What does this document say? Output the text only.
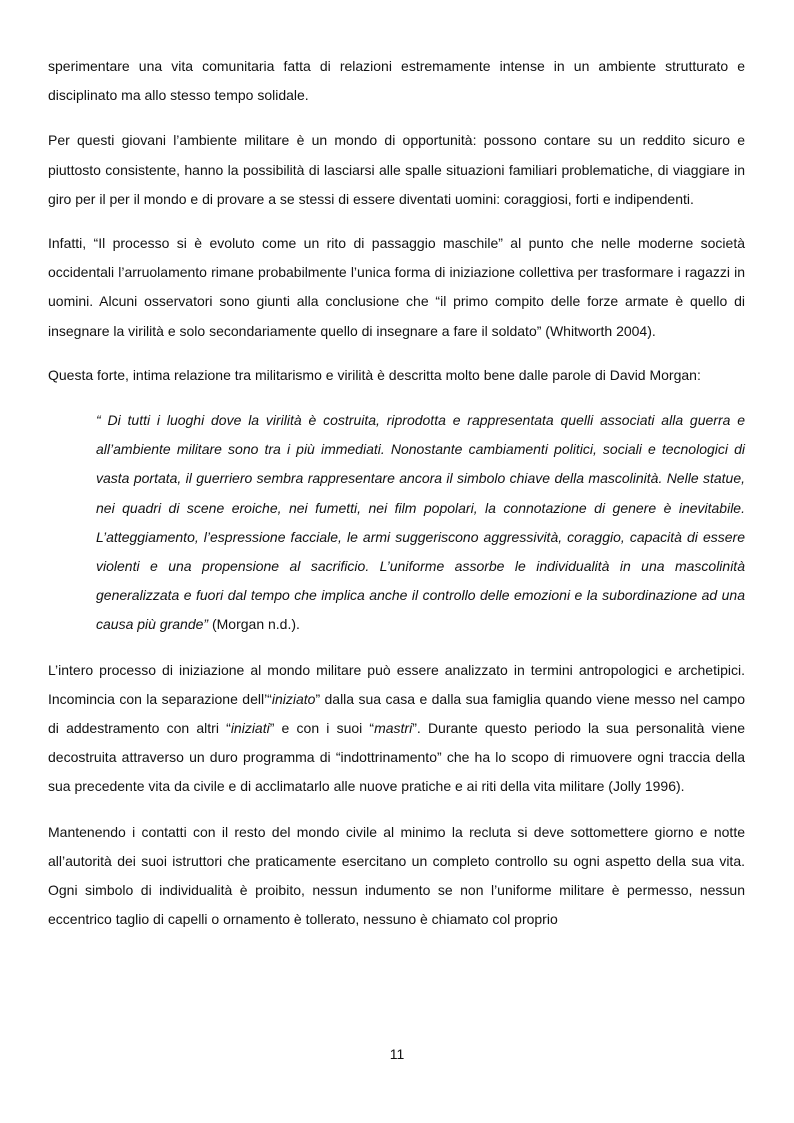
sperimentare una vita comunitaria fatta di relazioni estremamente intense in un ambiente strutturato e disciplinato ma allo stesso tempo solidale.

Per questi giovani l’ambiente militare è un mondo di opportunità: possono contare su un reddito sicuro e piuttosto consistente, hanno la possibilità di lasciarsi alle spalle situazioni familiari problematiche, di viaggiare in giro per il per il mondo e di provare a se stessi di essere diventati uomini: coraggiosi, forti e indipendenti.

Infatti, “Il processo si è evoluto come un rito di passaggio maschile” al punto che nelle moderne società occidentali l’arruolamento rimane probabilmente l’unica forma di iniziazione collettiva per trasformare i ragazzi in uomini. Alcuni osservatori sono giunti alla conclusione che “il primo compito delle forze armate è quello di insegnare la virilità e solo secondariamente quello di insegnare a fare il soldato” (Whitworth 2004).

Questa forte, intima relazione tra militarismo e virilità è descritta molto bene dalle parole di David Morgan:

“ Di tutti i luoghi dove la virilità è costruita, riprodotta e rappresentata quelli associati alla guerra e all’ambiente militare sono tra i più immediati. Nonostante cambiamenti politici, sociali e tecnologici di vasta portata, il guerriero sembra rappresentare ancora il simbolo chiave della mascolinità. Nelle statue, nei quadri di scene eroiche, nei fumetti, nei film popolari, la connotazione di genere è inevitabile. L’atteggiamento, l’espressione facciale, le armi suggeriscono aggressività, coraggio, capacità di essere violenti e una propensione al sacrificio. L’uniforme assorbe le individualità in una mascolinità generalizzata e fuori dal tempo che implica anche il controllo delle emozioni e la subordinazione ad una causa più grande” (Morgan n.d.).

L’intero processo di iniziazione al mondo militare può essere analizzato in termini antropologici e archetipici. Incomincia con la separazione dell’“iniziato” dalla sua casa e dalla sua famiglia quando viene messo nel campo di addestramento con altri “iniziati” e con i suoi “mastri”. Durante questo periodo la sua personalità viene decostruita attraverso un duro programma di “indottrinamento” che ha lo scopo di rimuovere ogni traccia della sua precedente vita da civile e di acclimatarlo alle nuove pratiche e ai riti della vita militare (Jolly 1996).

Mantenendo i contatti con il resto del mondo civile al minimo la recluta si deve sottomettere giorno e notte all’autorità dei suoi istruttori che praticamente esercitano un completo controllo su ogni aspetto della sua vita. Ogni simbolo di individualità è proibito, nessun indumento se non l’uniforme militare è permesso, nessun eccentrico taglio di capelli o ornamento è tollerato, nessuno è chiamato col proprio

11
